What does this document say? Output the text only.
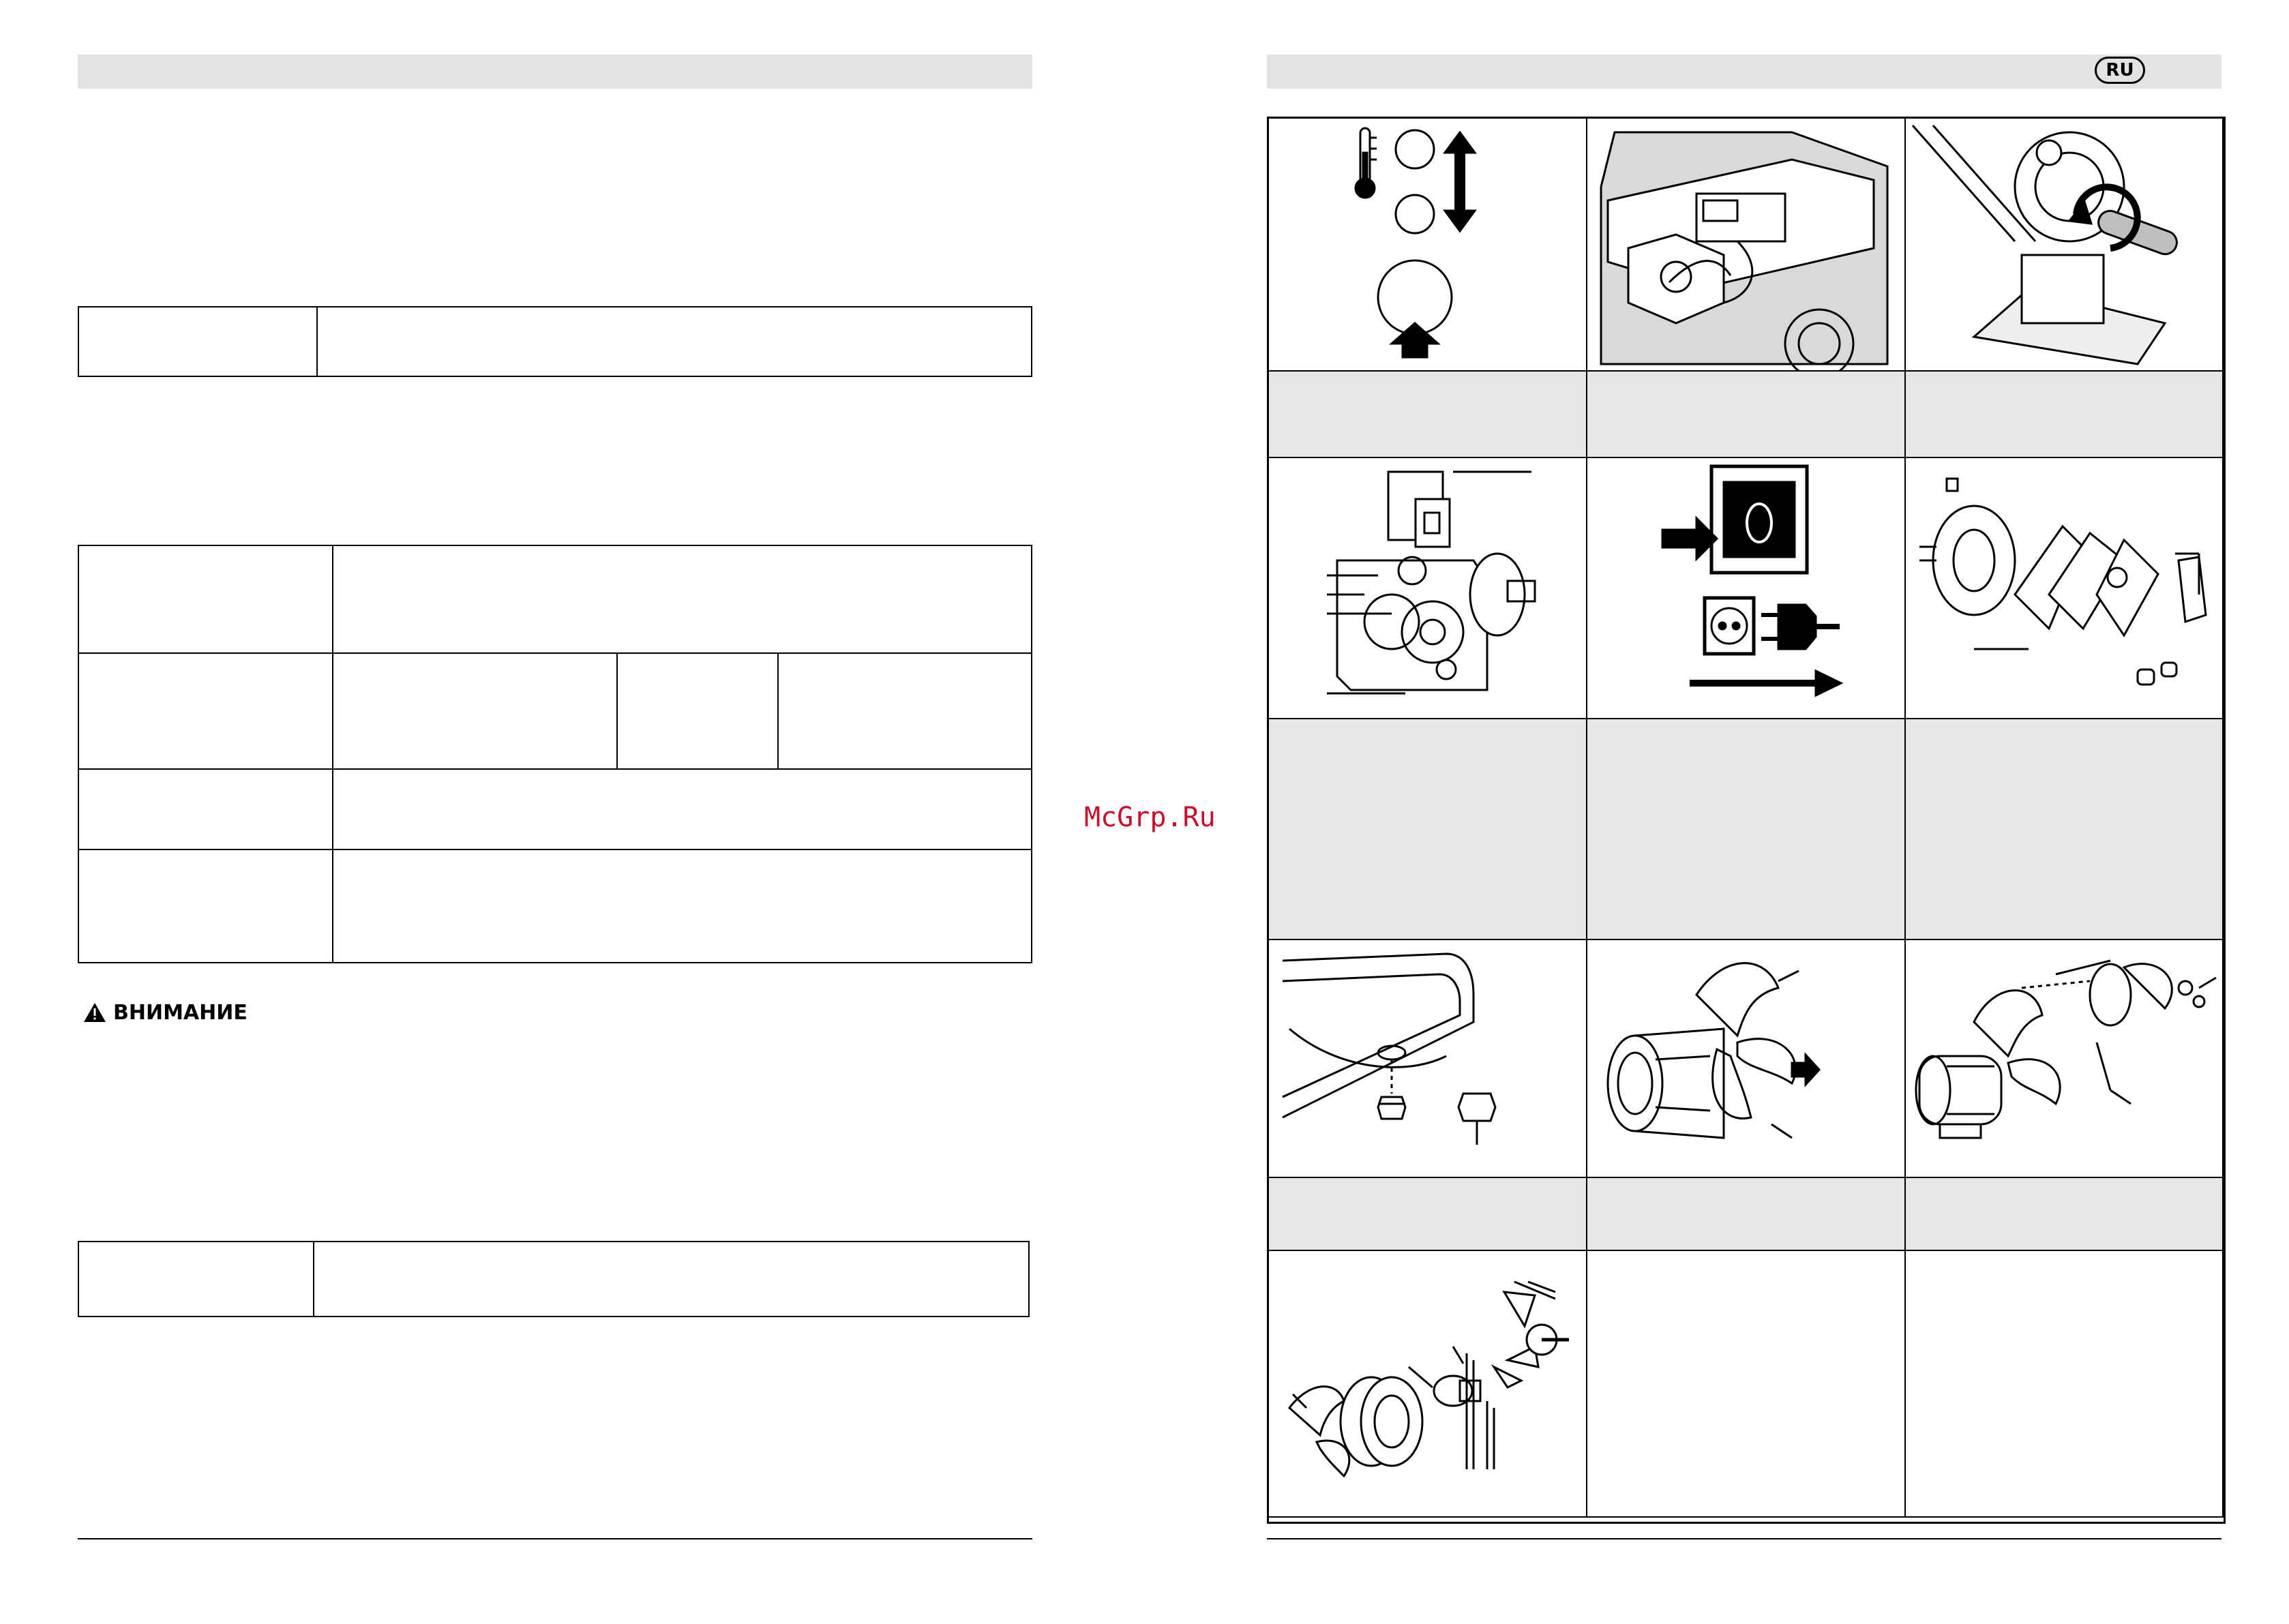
ВНИМАНИЕ

McGrp.Ru
RU
